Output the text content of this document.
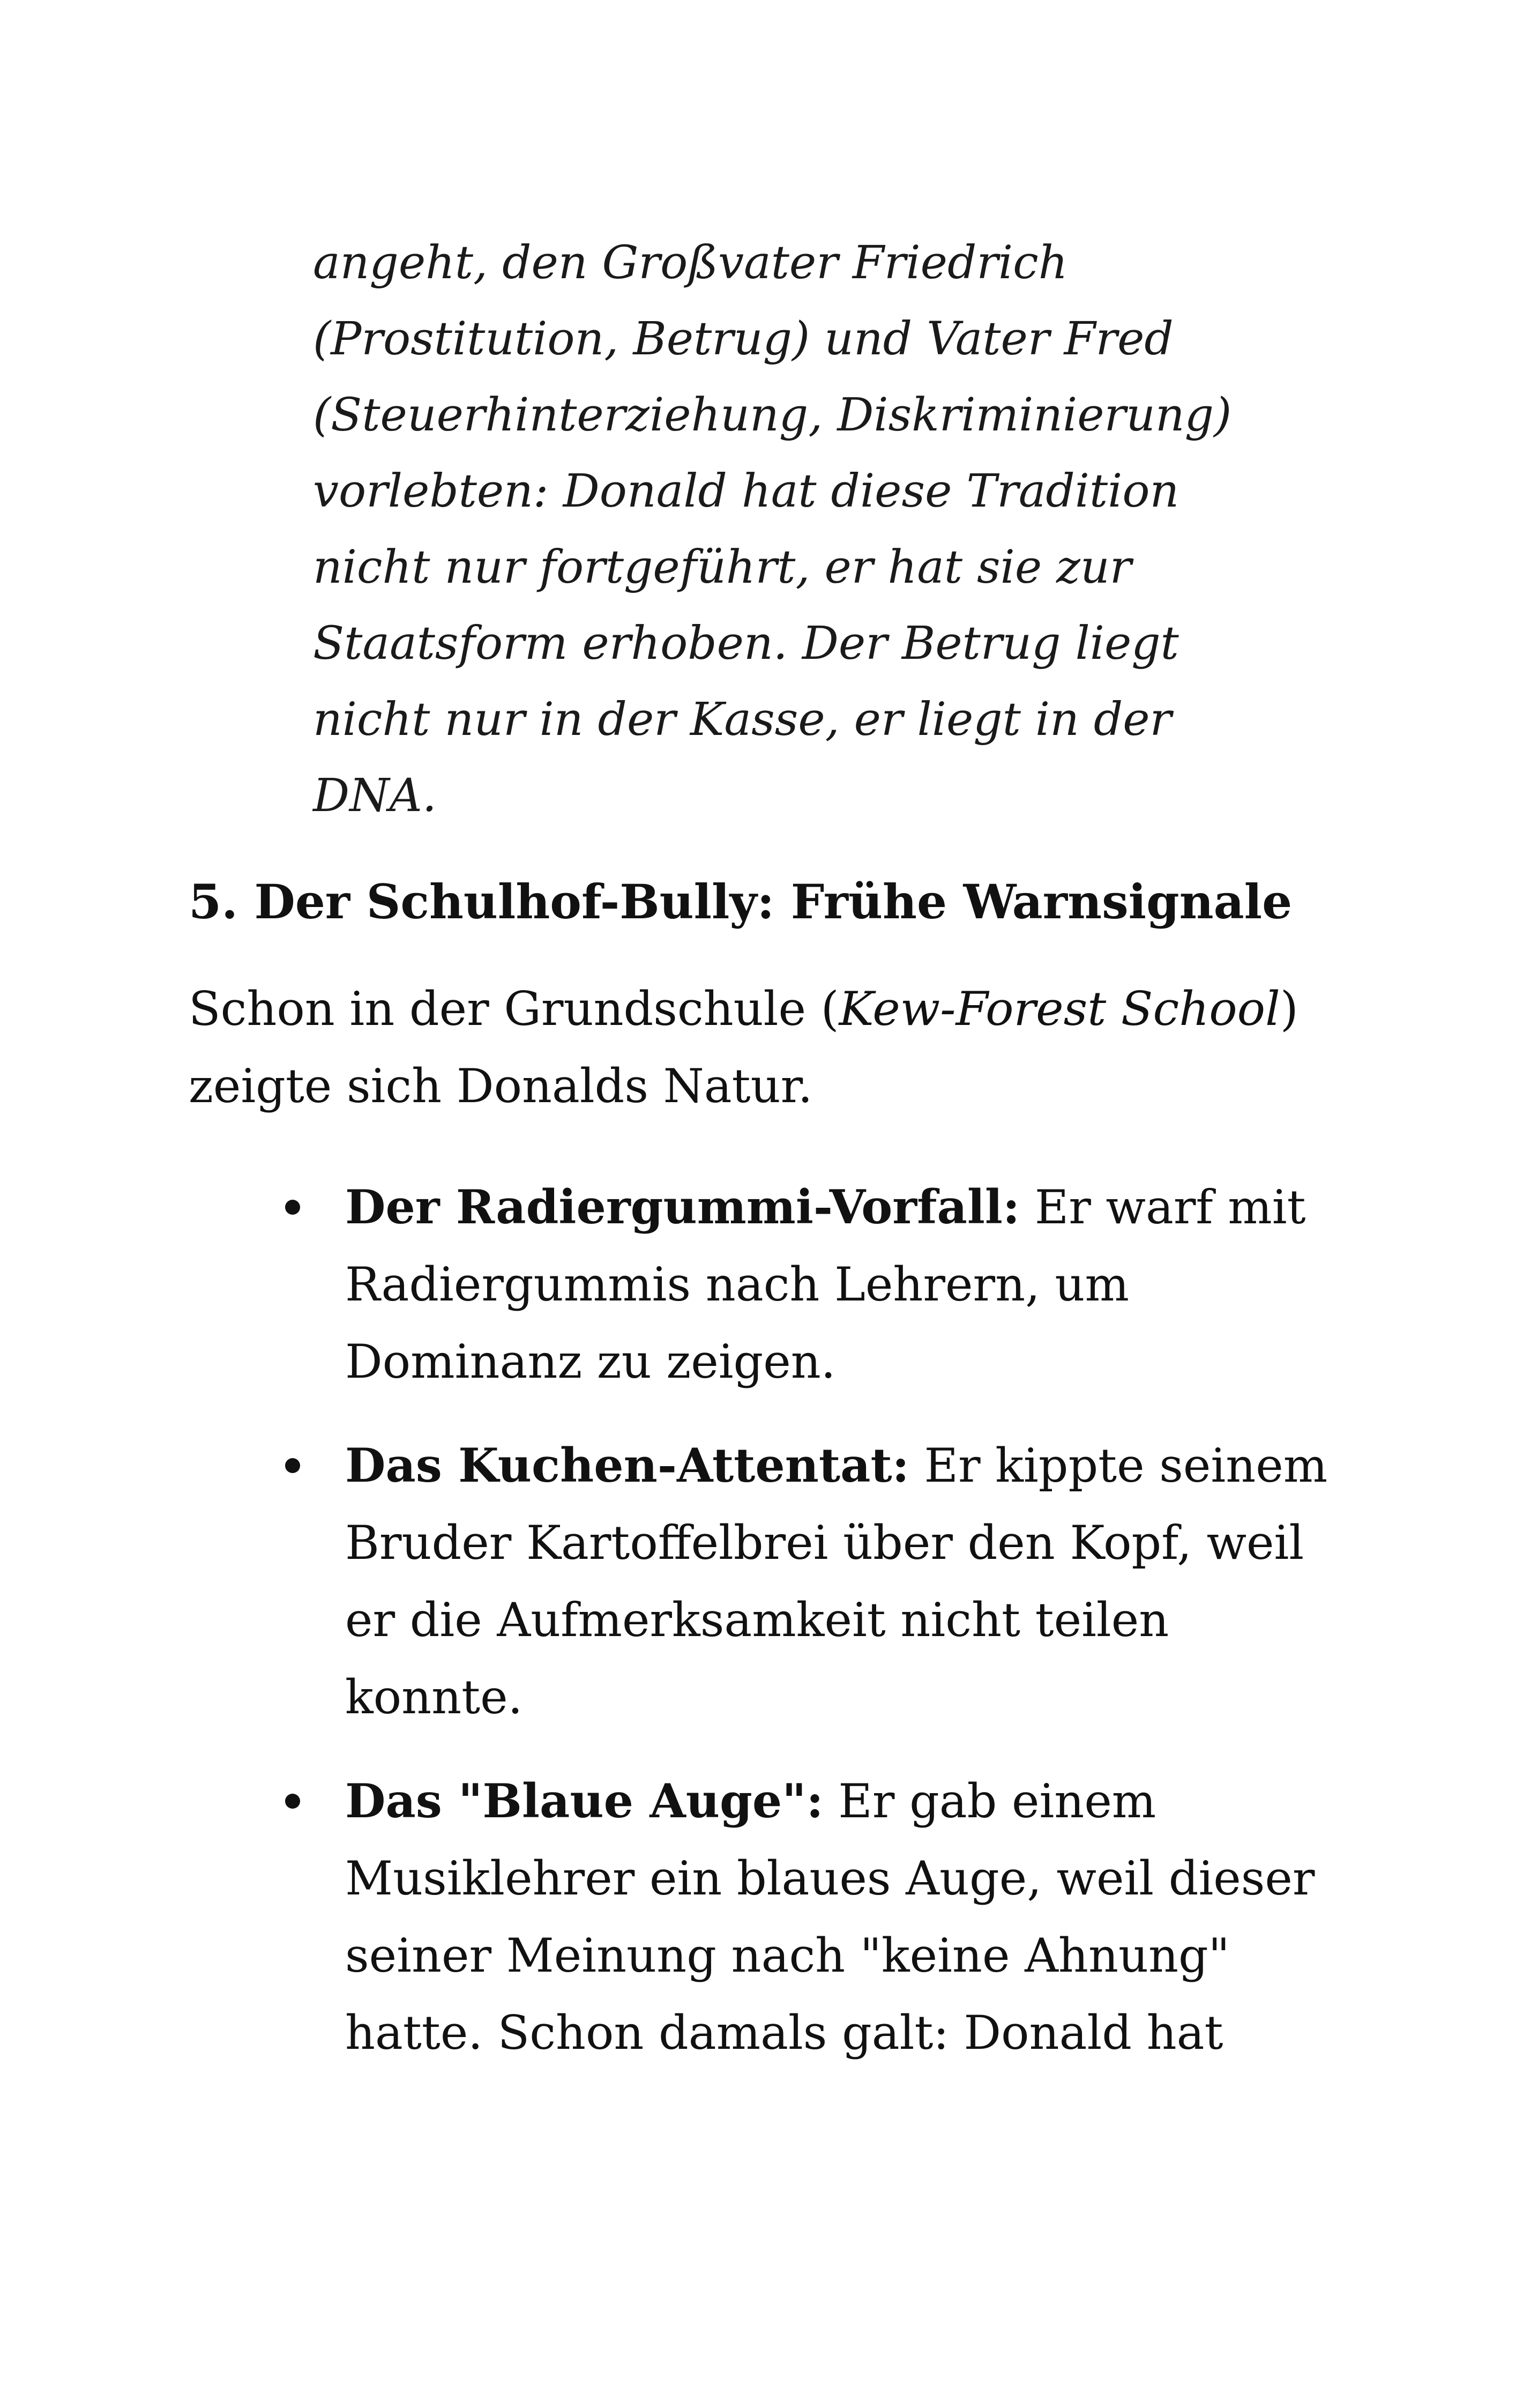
angeht, den Großvater Friedrich
(Prostitution, Betrug) und Vater Fred
(Steuerhinterziehung, Diskriminierung)
vorlebten: Donald hat diese Tradition
nicht nur fortgeführt, er hat sie zur
Staatsform erhoben. Der Betrug liegt
nicht nur in der Kasse, er liegt in der
DNA.
5. Der Schulhof-Bully: Frühe Warnsignale
Schon in der Grundschule (Kew-Forest School)
zeigte sich Donalds Natur.
Der Radiergummi-Vorfall: Er warf mit
Radiergummis nach Lehrern, um
Dominanz zu zeigen.
Das Kuchen-Attentat: Er kippte seinem
Bruder Kartoffelbrei über den Kopf, weil
er die Aufmerksamkeit nicht teilen
konnte.
Das "Blaue Auge": Er gab einem
Musiklehrer ein blaues Auge, weil dieser
seiner Meinung nach "keine Ahnung"
hatte. Schon damals galt: Donald hat
